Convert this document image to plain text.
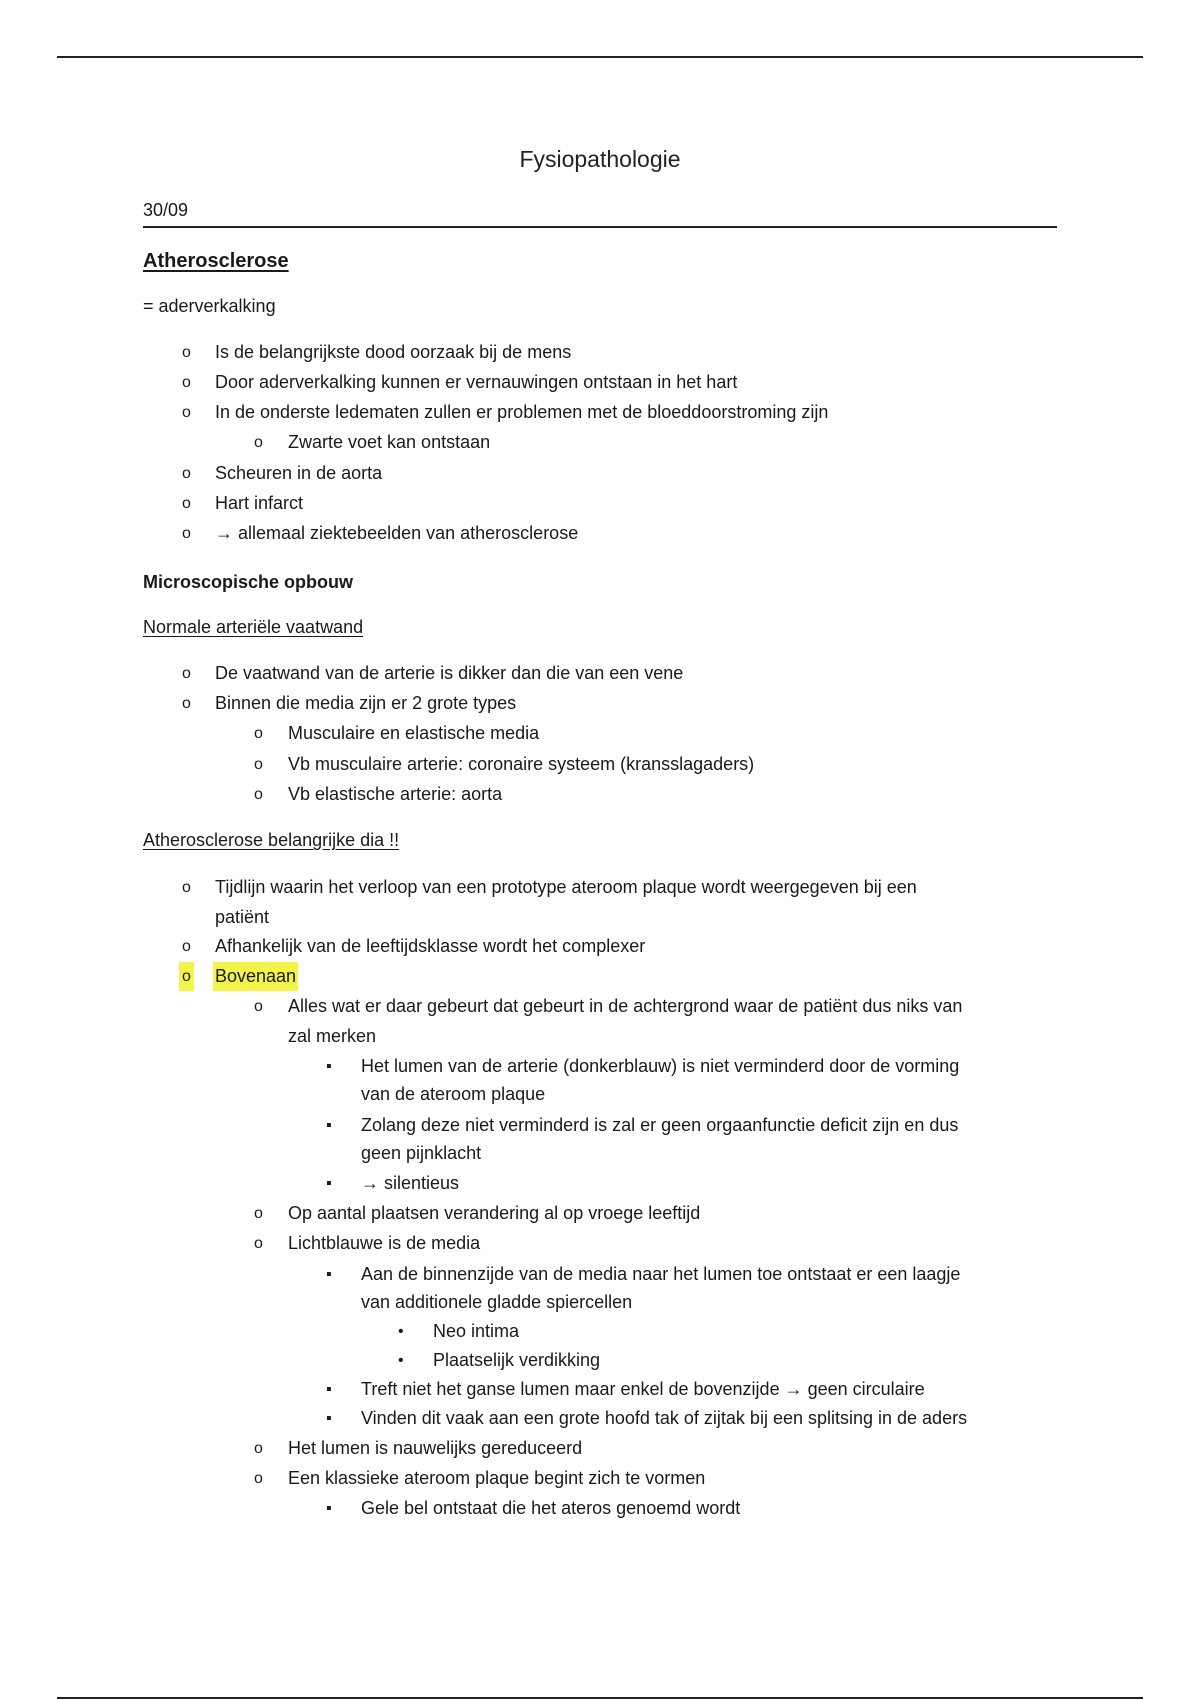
Fysiopathologie
30/09
Atherosclerose
= aderverkalking
o Is de belangrijkste dood oorzaak bij de mens
o Door aderverkalking kunnen er vernauwingen ontstaan in het hart
o In de onderste ledematen zullen er problemen met de bloeddoorstroming zijn
o Zwarte voet kan ontstaan
o Scheuren in de aorta
o Hart infarct
o → allemaal ziektebeelden van atherosclerose
Microscopische opbouw
Normale arteriële vaatwand
o De vaatwand van de arterie is dikker dan die van een vene
o Binnen die media zijn er 2 grote types
o Musculaire en elastische media
o Vb musculaire arterie: coronaire systeem (kransslagaders)
o Vb elastische arterie: aorta
Atherosclerose belangrijke dia !!
o Tijdlijn waarin het verloop van een prototype ateroom plaque wordt weergegeven bij een
patiënt
o Afhankelijk van de leeftijdsklasse wordt het complexer
o Bovenaan
o Alles wat er daar gebeurt dat gebeurt in de achtergrond waar de patiënt dus niks van
zal merken
▪ Het lumen van de arterie (donkerblauw) is niet verminderd door de vorming
van de ateroom plaque
▪ Zolang deze niet verminderd is zal er geen orgaanfunctie deficit zijn en dus
geen pijnklacht
▪ → silentieus
o Op aantal plaatsen verandering al op vroege leeftijd
o Lichtblauwe is de media
▪ Aan de binnenzijde van de media naar het lumen toe ontstaat er een laagje
van additionele gladde spiercellen
• Neo intima
• Plaatselijk verdikking
▪ Treft niet het ganse lumen maar enkel de bovenzijde → geen circulaire
▪ Vinden dit vaak aan een grote hoofd tak of zijtak bij een splitsing in de aders
o Het lumen is nauwelijks gereduceerd
o Een klassieke ateroom plaque begint zich te vormen
▪ Gele bel ontstaat die het ateros genoemd wordt
